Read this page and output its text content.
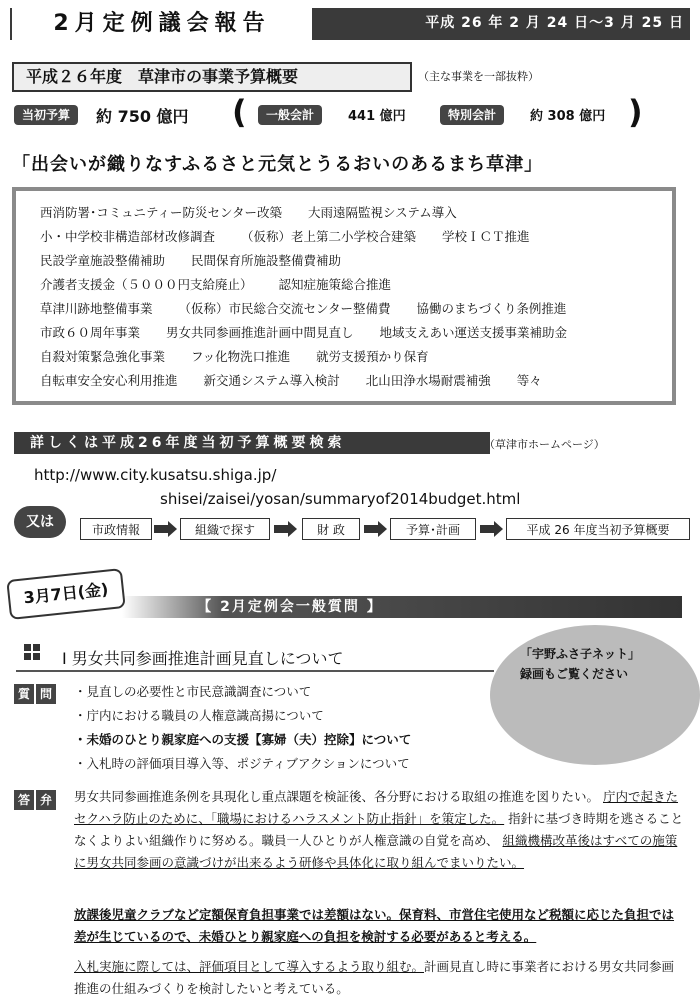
2月定例議会報告	平成 26 年 2 月 24 日～3 月 25 日
平成２６年度　草津市の事業予算概要	（主な事業を一部抜粋）
当初予算	約 750 億円 (	一般会計	441 億円	特別会計	約 308 億円 )
「出会いが織りなすふるさと元気とうるおいのあるまち草津」
西消防署･コミュニティー防災センター改築 大雨遠隔監視システム導入
小・中学校非構造部材改修調査 （仮称）老上第二小学校合建築 学校ＩＣＴ推進
民設学童施設整備補助 民間保育所施設整備費補助
介護者支援金（５０００円支給廃止） 認知症施策総合推進
草津川跡地整備事業 （仮称）市民総合交流センター整備費 協働のまちづくり条例推進
市政６０周年事業 男女共同参画推進計画中間見直し 地域支えあい運送支援事業補助金
自殺対策緊急強化事業 フッ化物洗口推進 就労支援預かり保育
自転車安全安心利用推進 新交通システム導入検討 北山田浄水場耐震補強 等々
詳しくは平成26年度当初予算概要検索	（草津市ホームページ）
http://www.city.kusatsu.shiga.jp/
shisei/zaisei/yosan/summaryof2014budget.html
又は	市政情報	組織で探す	財 政	予算･計画	平成 26 年度当初予算概要
【 2月定例会一般質問 】
3月7日(金)
Ⅰ 男女共同参画推進計画見直しについて	「宇野ふさ子ネット」
録画もご覧ください
質 問	・見直しの必要性と市民意識調査について
・庁内における職員の人権意識高揚について
・未婚のひとり親家庭への支援【寡婦（夫）控除】について
・入札時の評価項目導入等、ポジティブアクションについて
答 弁	男女共同参画推進条例を具現化し重点課題を検証後、各分野における取組の推進を図りたい。 庁内で起きたセクハラ防止のために、「職場におけるハラスメント防止指針」を策定した。 指針に基づき時期を逃さることなくよりよい組織作りに努める。職員一人ひとりが人権意識の自覚を高め、 組織機構改革後はすべての施策に男女共同参画の意識づけが出来るよう研修や具体化に取り組んでまいりたい。
放課後児童クラブなど定額保育負担事業では差額はない。保育料、市営住宅使用など税額に応じた負担では差が生じているので、未婚ひとり親家庭への負担を検討する必要があると考える。
入札実施に際しては、評価項目として導入するよう取り組む。計画見直し時に事業者における男女共同参画推進の仕組みづくりを検討したいと考えている。
